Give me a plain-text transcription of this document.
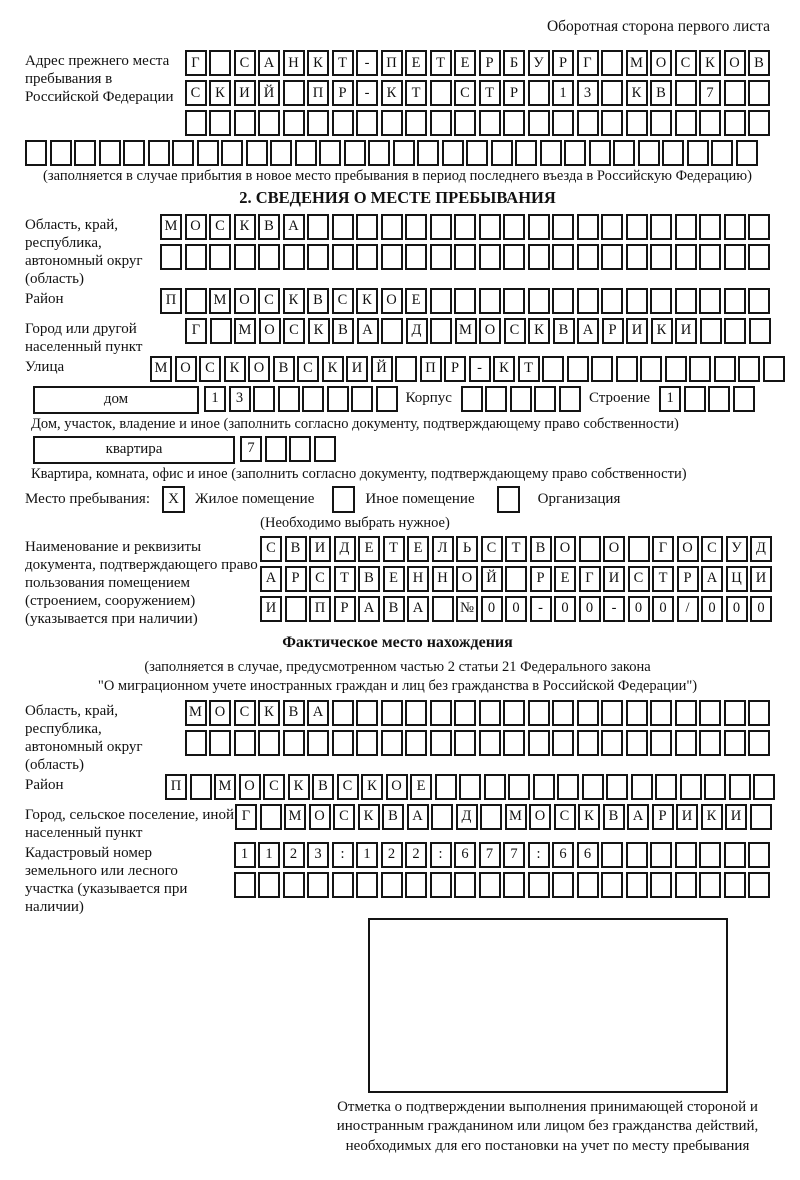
Оборотная сторона первого листа
Адрес прежнего места пребывания в Российской Федерации
Г	С А Н К	Т	-	П	Е	Т	Е	Р	Б	У	Р	Г	М О С	К О В
С	К И Й	П	Р	-	К	Т	С	Т	Р	1	3	К	В	7
(заполняется в случае прибытия в новое место пребывания в период последнего въезда в Российскую Федерацию)
2. СВЕДЕНИЯ О МЕСТЕ ПРЕБЫВАНИЯ
Область, край, республика, автономный округ (область)
М О С	К	В А
Район	П	М О С	К	В	С	К О	Е
Город или другой населенный пункт
Г	М О С	К	В А	Д	М О С	К	В А	Р	И К И
Улица	М О С	К О В	С	К И Й	П	Р	-	К	Т
дом	1	3	Корпус	Строение	1
Дом, участок, владение и иное (заполнить согласно документу, подтверждающему право собственности)
квартира	7
Квартира, комната, офис и иное (заполнить согласно документу, подтверждающему право собственности)
Место пребывания:	X	Жилое помещение	Иное помещение	Организация
(Необходимо выбрать нужное)
Наименование и реквизиты документа, подтверждающего право пользования помещением (строением, сооружением) (указывается при наличии)
С	В И Д	Е	Т	Е	Л	Ь	С	Т	В О	О	Г	О С	У Д
А	Р	С	Т	В	Е	Н Н О Й	Р	Е	Г	И С	Т	Р	А Ц И
И	П	Р	А В А	№ 0	0	-	0	0	-	0	0	/	0	0	0
Фактическое место нахождения
(заполняется в случае, предусмотренном частью 2 статьи 21 Федерального закона
"О миграционном учете иностранных граждан и лиц без гражданства в Российской Федерации")
Область, край, республика, автономный округ (область)
М О С	К	В А
Район	П	М О С	К	В	С	К О	Е
Город, сельское поселение, иной населенный пункт
Г	М О С	К	В А	Д	М О С	К	В А	Р	И К И
Кадастровый номер земельного или лесного участка (указывается при наличии)
1	1	2	3	:	1	2	2	:	6	7	7	:	6	6
Отметка о подтверждении выполнения принимающей стороной и иностранным гражданином или лицом без гражданства действий, необходимых для его постановки на учет по месту пребывания
